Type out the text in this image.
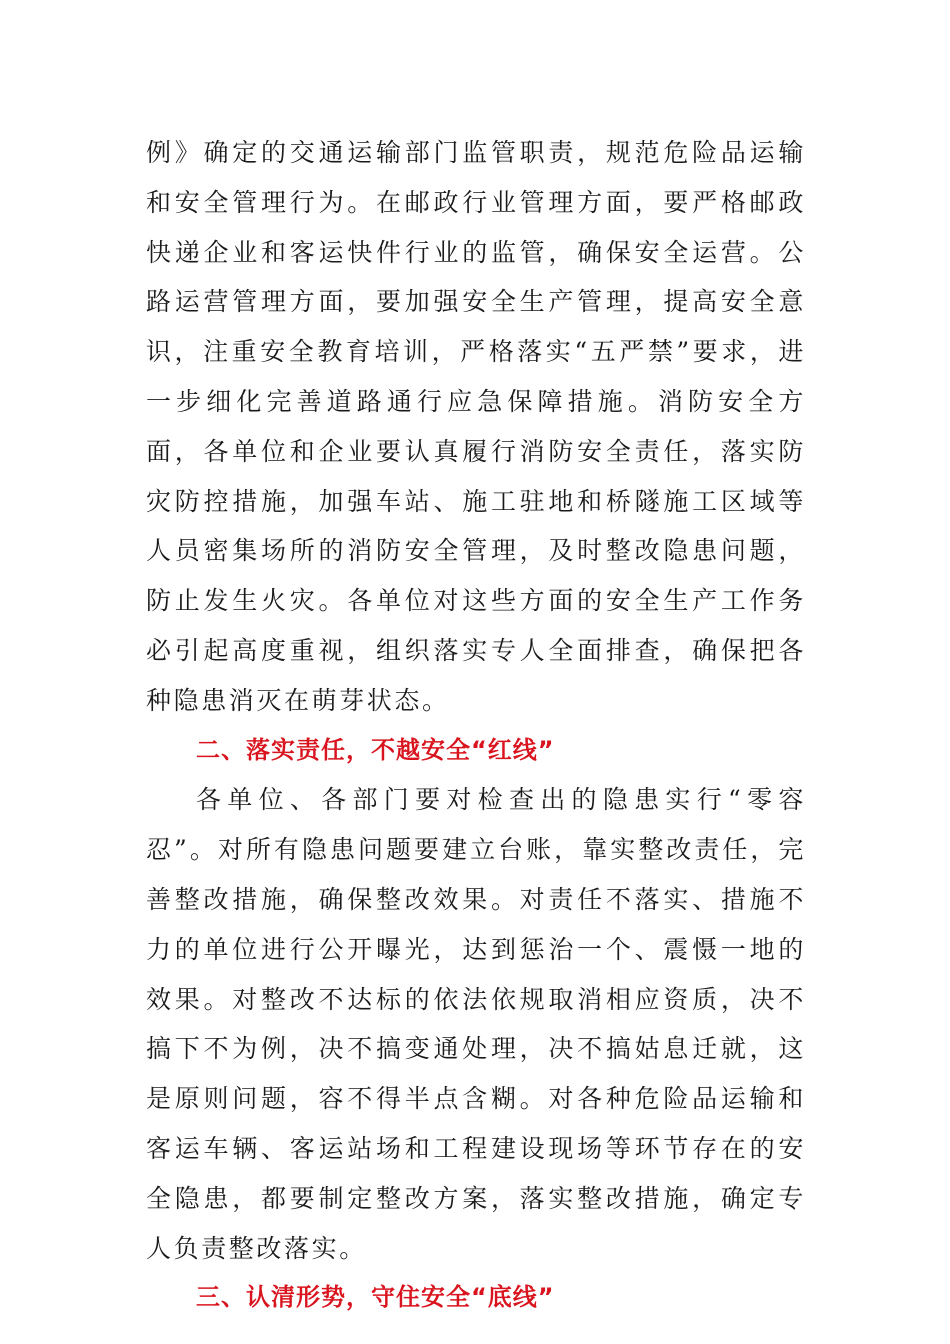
例》确定的交通运输部门监管职责，规范危险品运输和安全管理行为。在邮政行业管理方面，要严格邮政快递企业和客运快件行业的监管，确保安全运营。公路运营管理方面，要加强安全生产管理，提高安全意识，注重安全教育培训，严格落实“五严禁”要求，进一步细化完善道路通行应急保障措施。消防安全方面，各单位和企业要认真履行消防安全责任，落实防灾防控措施，加强车站、施工驻地和桥隧施工区域等人员密集场所的消防安全管理，及时整改隐患问题，防止发生火灾。各单位对这些方面的安全生产工作务必引起高度重视，组织落实专人全面排查，确保把各种隐患消灭在萌芽状态。

二、落实责任，不越安全“红线”

各单位、各部门要对检查出的隐患实行“零容忍”。对所有隐患问题要建立台账，靠实整改责任，完善整改措施，确保整改效果。对责任不落实、措施不力的单位进行公开曝光，达到惩治一个、震慑一地的效果。对整改不达标的依法依规取消相应资质，决不搞下不为例，决不搞变通处理，决不搞姑息迁就，这是原则问题，容不得半点含糊。对各种危险品运输和客运车辆、客运站场和工程建设现场等环节存在的安全隐患，都要制定整改方案，落实整改措施，确定专人负责整改落实。

三、认清形势，守住安全“底线”
